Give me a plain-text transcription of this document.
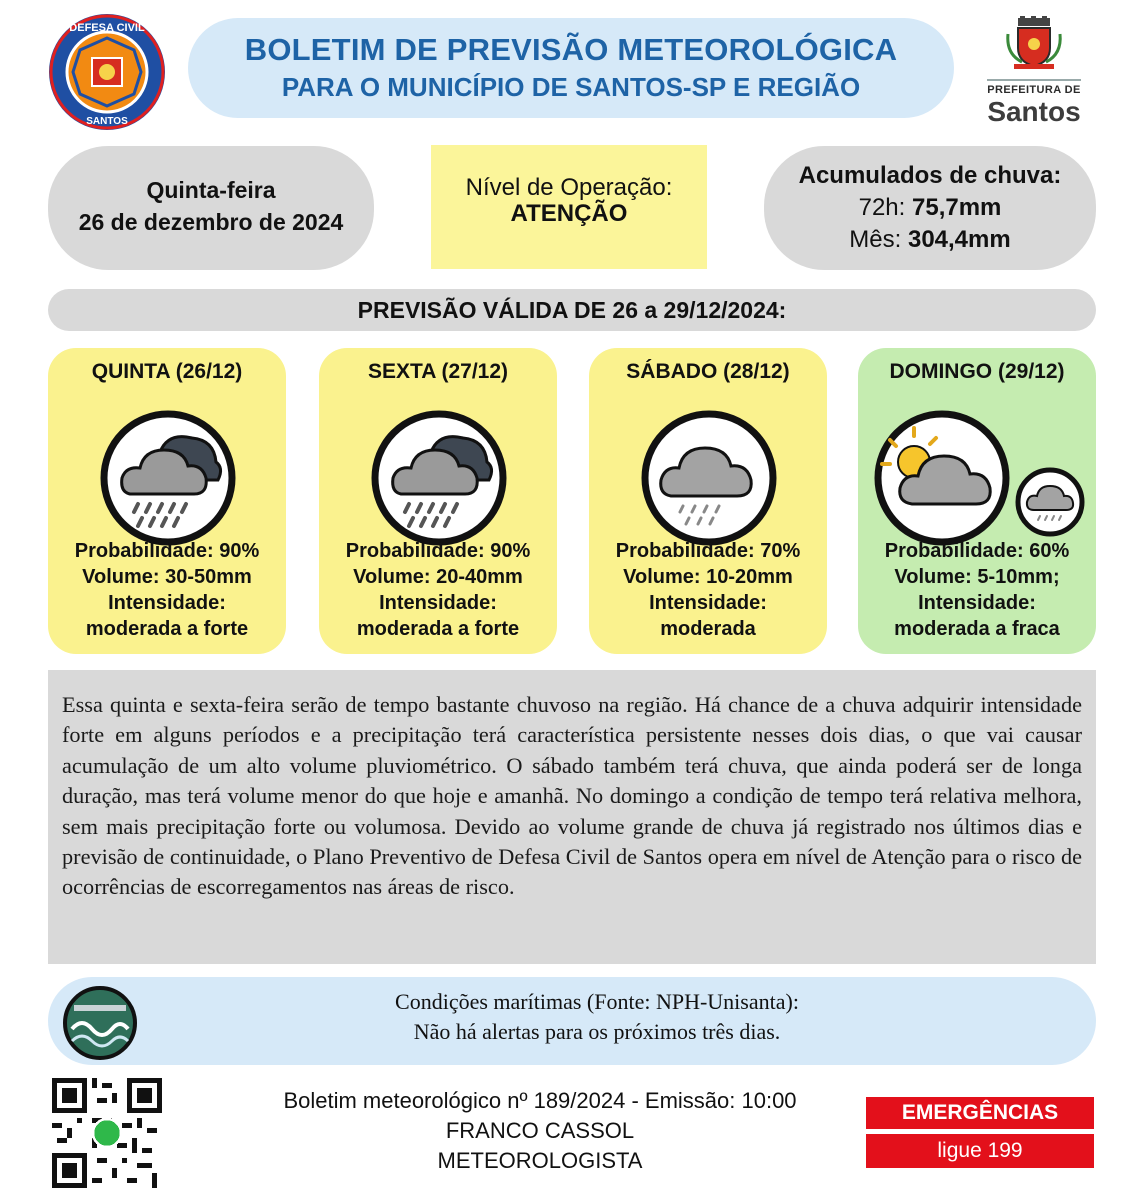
DEFESA CIVIL
SANTOS
BOLETIM DE PREVISÃO METEOROLÓGICA
PARA O MUNICÍPIO DE SANTOS-SP E REGIÃO	PREFEITURA DE
Santos
Quinta-feira
26 de dezembro de 2024
Nível de Operação:
ATENÇÃO
Acumulados de chuva:
72h: 75,7mm
Mês: 304,4mm
PREVISÃO VÁLIDA DE 26 a 29/12/2024:
QUINTA (26/12)
Probabilidade: 90%
Volume: 30-50mm
Intensidade:
moderada a forte
SEXTA (27/12)
Probabilidade: 90%
Volume: 20-40mm
Intensidade:
moderada a forte
SÁBADO (28/12)
Probabilidade: 70%
Volume: 10-20mm
Intensidade:
moderada
DOMINGO (29/12)
Probabilidade: 60%
Volume: 5-10mm;
Intensidade:
moderada a fraca
Essa quinta e sexta-feira serão de tempo bastante chuvoso na região. Há chance de a chuva adquirir intensidade forte em alguns períodos e a precipitação terá característica persistente nesses dois dias, o que vai causar acumulação de um alto volume pluviométrico. O sábado também terá chuva, que ainda poderá ser de longa duração, mas terá volume menor do que hoje e amanhã. No domingo a condição de tempo terá relativa melhora, sem mais precipitação forte ou volumosa. Devido ao volume grande de chuva já registrado nos últimos dias e previsão de continuidade, o Plano Preventivo de Defesa Civil de Santos opera em nível de Atenção para o risco de ocorrências de escorregamentos nas áreas de risco.
Condições marítimas (Fonte: NPH-Unisanta):
Não há alertas para os próximos três dias.
Boletim meteorológico nº 189/2024 - Emissão: 10:00
FRANCO CASSOL
METEOROLOGISTA
EMERGÊNCIAS
ligue 199
